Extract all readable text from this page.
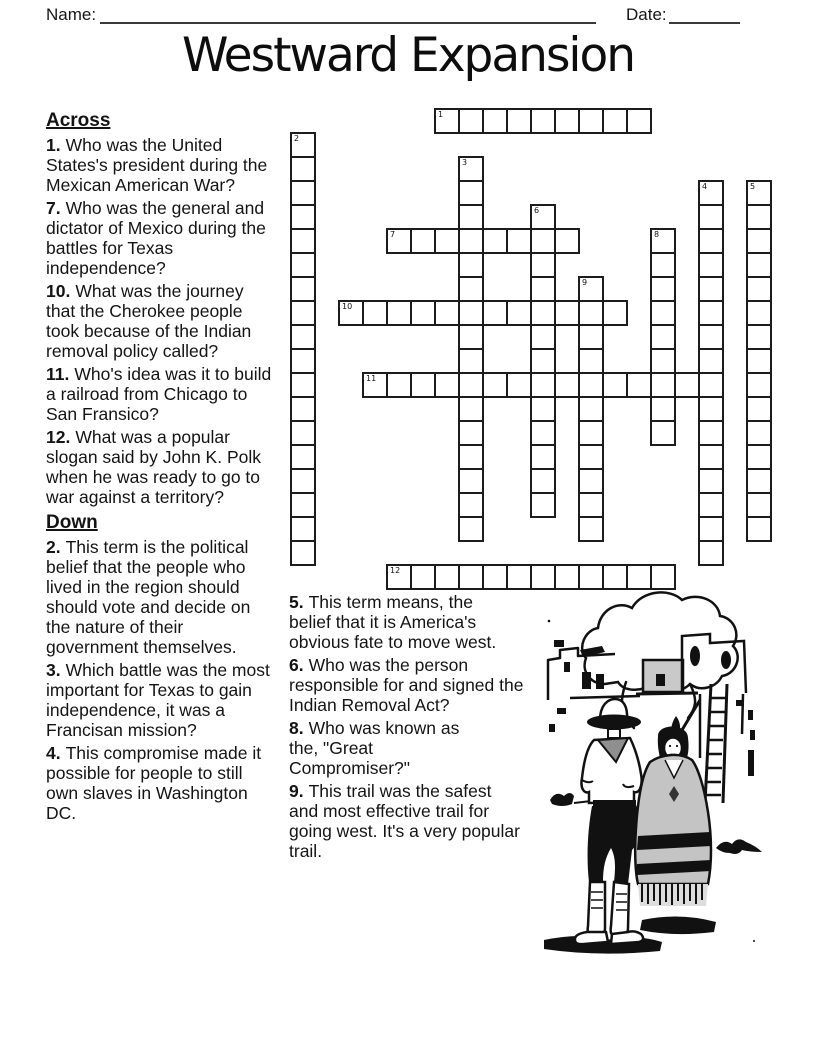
Name:	Date:
Westward Expansion
Across

1. Who was the United States's president during the Mexican American War?

7. Who was the general and dictator of Mexico during the battles for Texas independence?

10. What was the journey that the Cherokee people took because of the Indian removal policy called?

11. Who's idea was it to build a railroad from Chicago to San Fransico?

12. What was a popular slogan said by John K. Polk when he was ready to go to war against a territory?

Down

2. This term is the political belief that the people who lived in the region should should vote and decide on the nature of their government themselves.

3. Which battle was the most important for Texas to gain independence, it was a Francisan mission?

4. This compromise made it possible for people to still own slaves in Washington DC.

5. This term means, the belief that it is America's obvious fate to move west.

6. Who was the person responsible for and signed the Indian Removal Act?

8. Who was known as the, "Great Compromiser?"

9. This trail was the safest and most effective trail for going west. It's a very popular trail.

1
2
3
4	5
6
7	8
9
10
11
12
